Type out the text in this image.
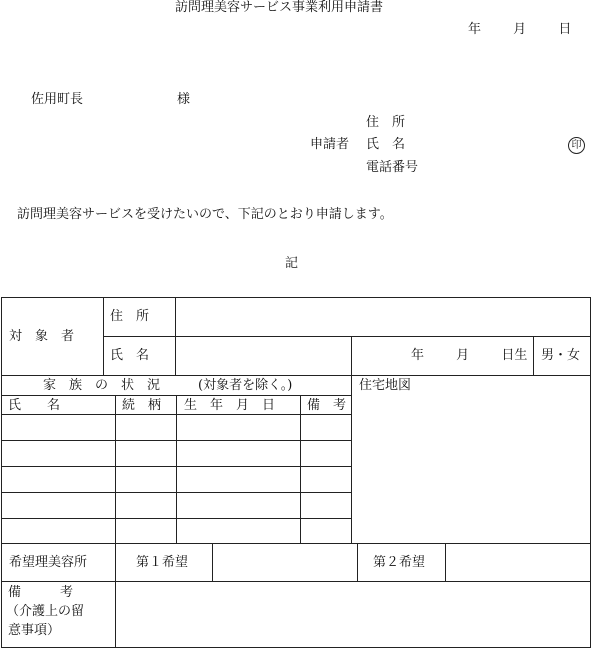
訪問理美容サービス事業利用申請書
年 月 日
佐用町長	様
住　所
申請者 氏　名	印
電話番号
訪問理美容サービスを受けたいので、下記のとおり申請します。
記
対　象　者
住　所
氏　名	年 月 日生 男・女
家　族　の　状　況	(対象者を除く。)	住宅地図
氏　　名	続　柄 生　年　月　日 備　考
希望理美容所	第１希望	第２希望
備　　　考
（介護上の留
意事項）
